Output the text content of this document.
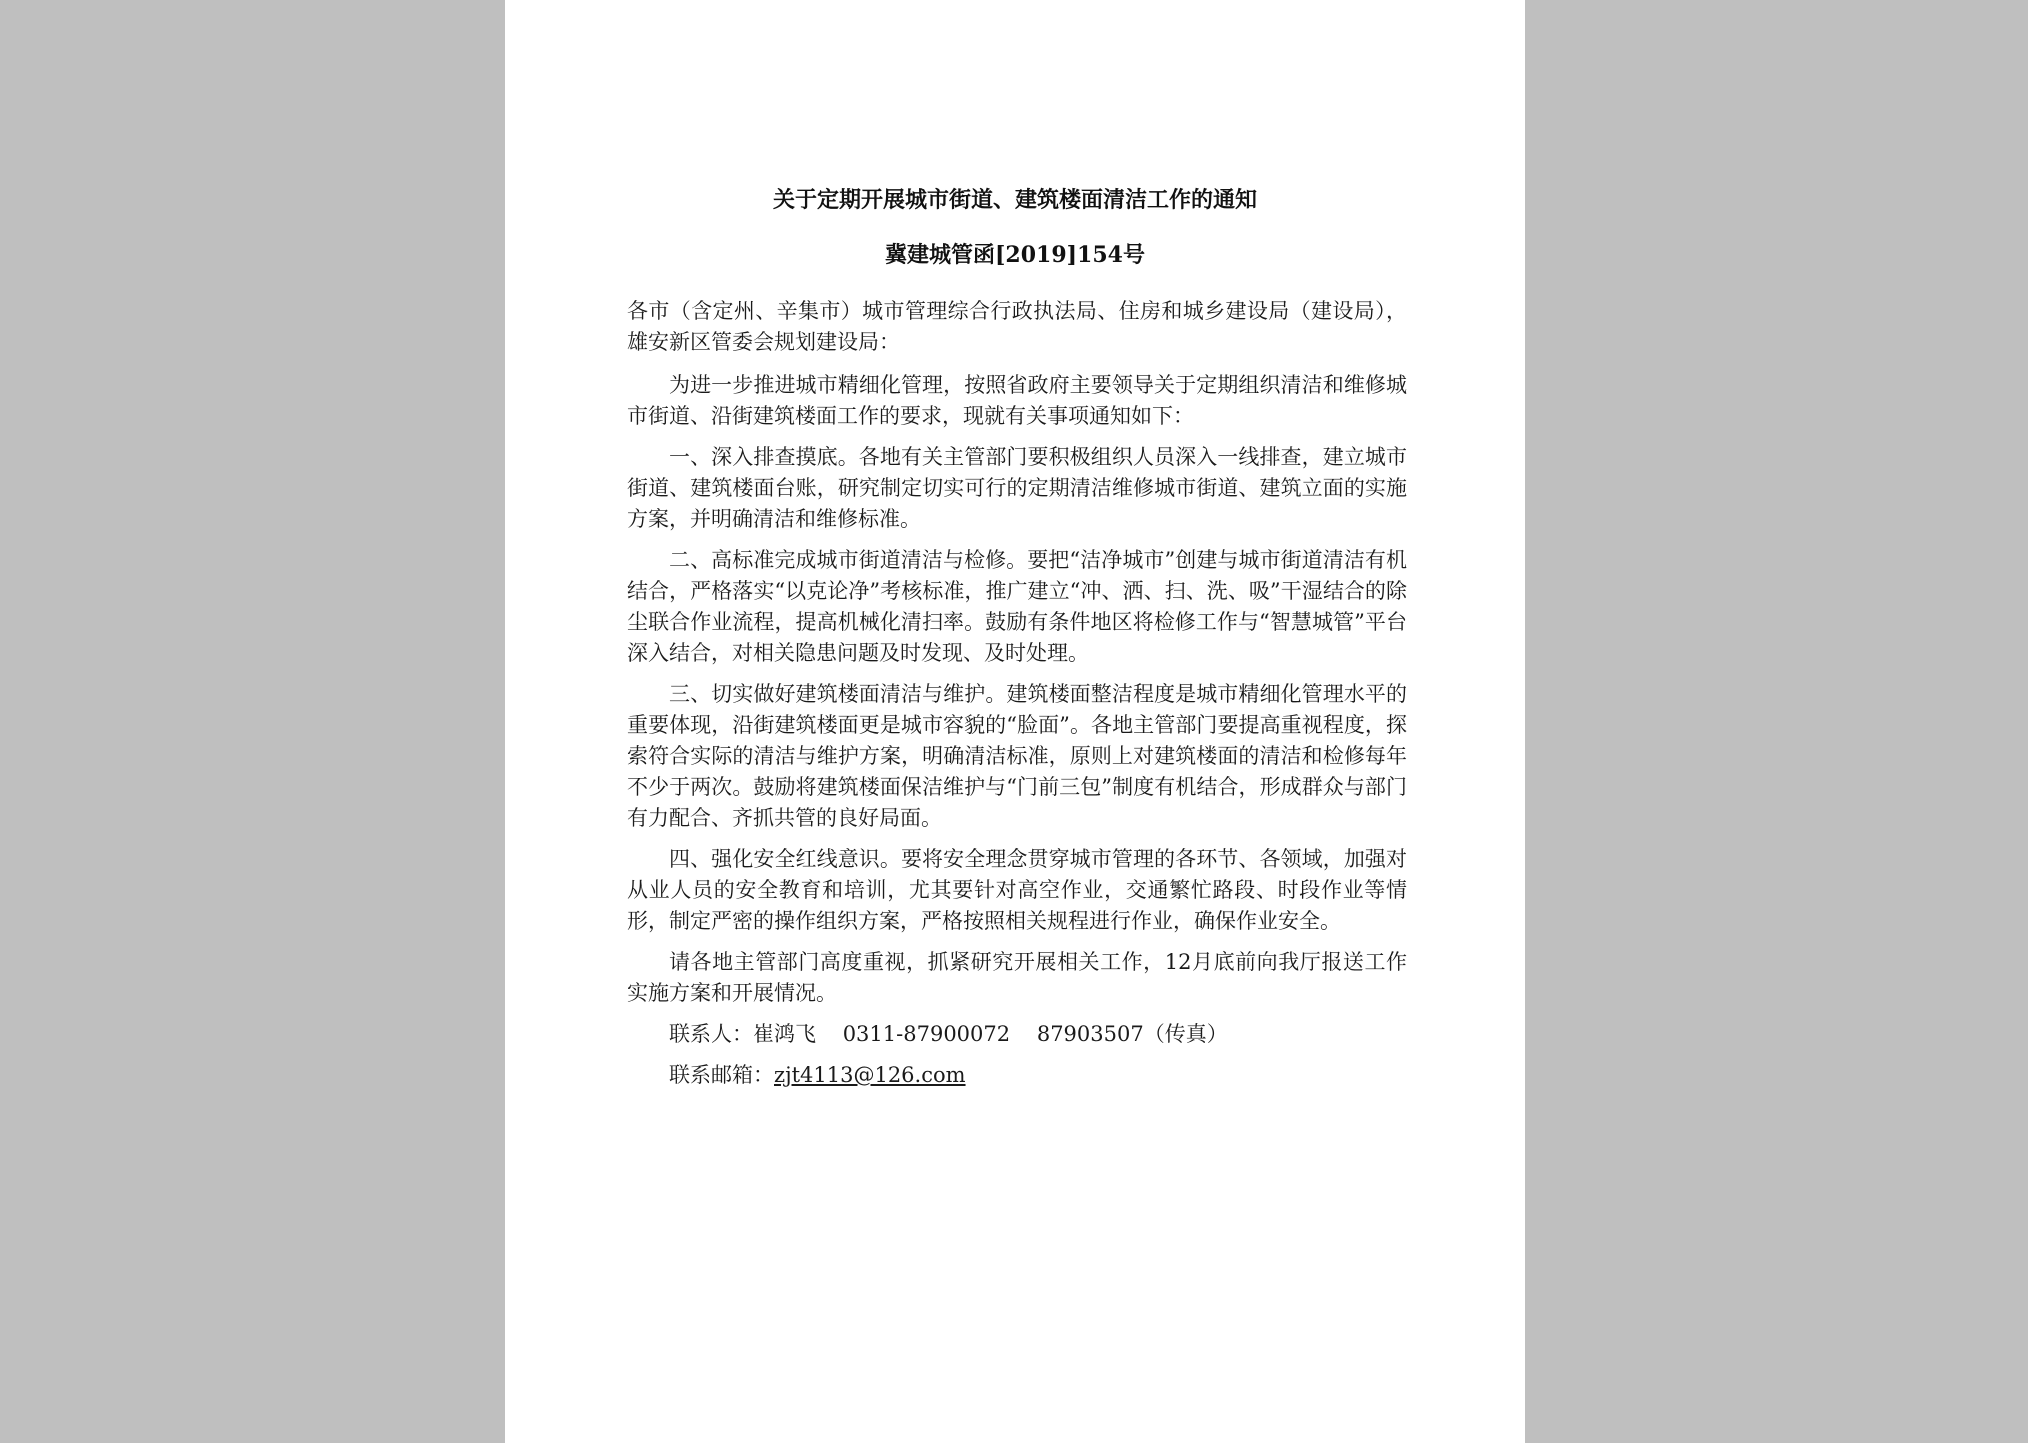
关于定期开展城市街道、建筑楼面清洁工作的通知
冀建城管函[2019]154号

各市（含定州、辛集市）城市管理综合行政执法局、住房和城乡建设局（建设局），雄安新区管委会规划建设局：

为进一步推进城市精细化管理，按照省政府主要领导关于定期组织清洁和维修城市街道、沿街建筑楼面工作的要求，现就有关事项通知如下：

一、深入排查摸底。各地有关主管部门要积极组织人员深入一线排查，建立城市街道、建筑楼面台账，研究制定切实可行的定期清洁维修城市街道、建筑立面的实施方案，并明确清洁和维修标准。

二、高标准完成城市街道清洁与检修。要把“洁净城市”创建与城市街道清洁有机结合，严格落实“以克论净”考核标准，推广建立“冲、洒、扫、洗、吸”干湿结合的除尘联合作业流程，提高机械化清扫率。鼓励有条件地区将检修工作与“智慧城管”平台深入结合，对相关隐患问题及时发现、及时处理。

三、切实做好建筑楼面清洁与维护。建筑楼面整洁程度是城市精细化管理水平的重要体现，沿街建筑楼面更是城市容貌的“脸面”。各地主管部门要提高重视程度，探索符合实际的清洁与维护方案，明确清洁标准，原则上对建筑楼面的清洁和检修每年不少于两次。鼓励将建筑楼面保洁维护与“门前三包”制度有机结合，形成群众与部门有力配合、齐抓共管的良好局面。

四、强化安全红线意识。要将安全理念贯穿城市管理的各环节、各领域，加强对从业人员的安全教育和培训，尤其要针对高空作业，交通繁忙路段、时段作业等情形，制定严密的操作组织方案，严格按照相关规程进行作业，确保作业安全。

请各地主管部门高度重视，抓紧研究开展相关工作，12月底前向我厅报送工作实施方案和开展情况。

联系人：崔鸿飞    0311-87900072    87903507（传真）

联系邮箱：zjt4113@126.com
